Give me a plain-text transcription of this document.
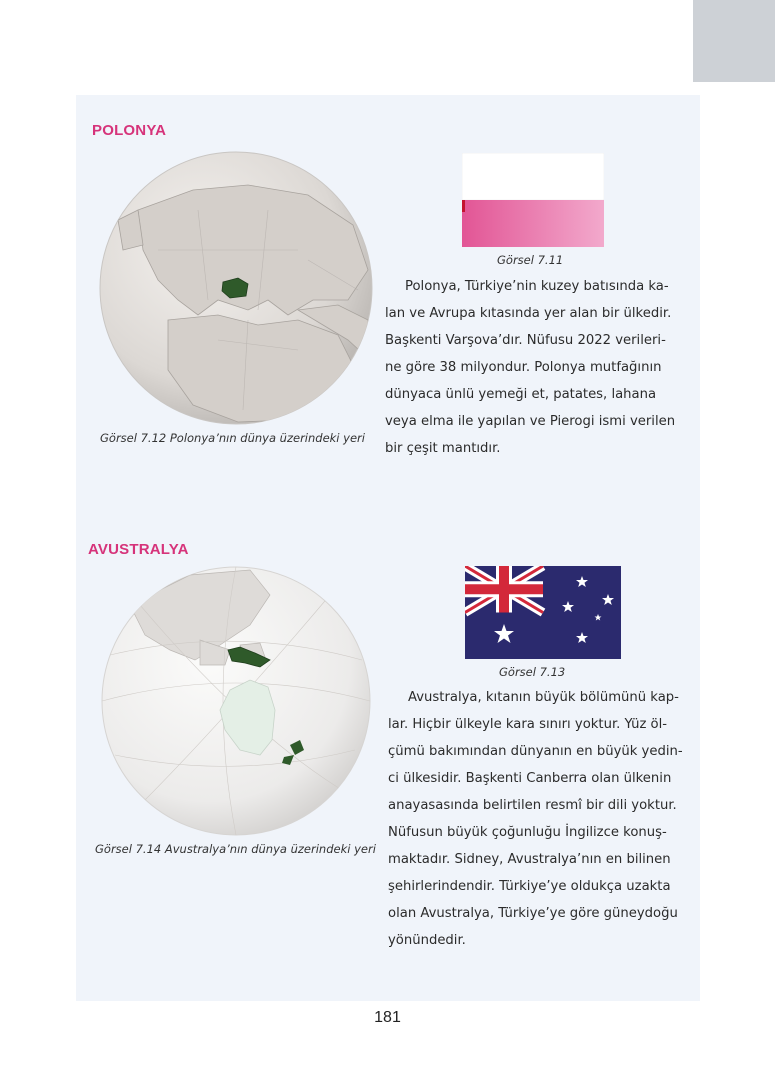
POLONYA
Görsel 7.11
Polonya, Türkiye’nin kuzey batısında ka-
lan ve Avrupa kıtasında yer alan bir ülkedir.
Başkenti Varşova’dır. Nüfusu 2022 verileri-
ne göre 38 milyondur. Polonya mutfağının
dünyaca ünlü yemeği et, patates, lahana
veya elma ile yapılan ve Pierogi ismi verilen
bir çeşit mantıdır.
Görsel 7.12 Polonya’nın dünya üzerindeki yeri
AVUSTRALYA
Görsel 7.13
Avustralya, kıtanın büyük bölümünü kap-
lar. Hiçbir ülkeyle kara sınırı yoktur. Yüz öl-
çümü bakımından dünyanın en büyük yedin-
ci ülkesidir. Başkenti Canberra olan ülkenin
anayasasında belirtilen resmî bir dili yoktur.
Nüfusun büyük çoğunluğu İngilizce konuş-
maktadır. Sidney, Avustralya’nın en bilinen
şehirlerindendir. Türkiye’ye oldukça uzakta
olan Avustralya, Türkiye’ye göre güneydoğu
yönündedir.
Görsel 7.14 Avustralya’nın dünya üzerindeki yeri
181
